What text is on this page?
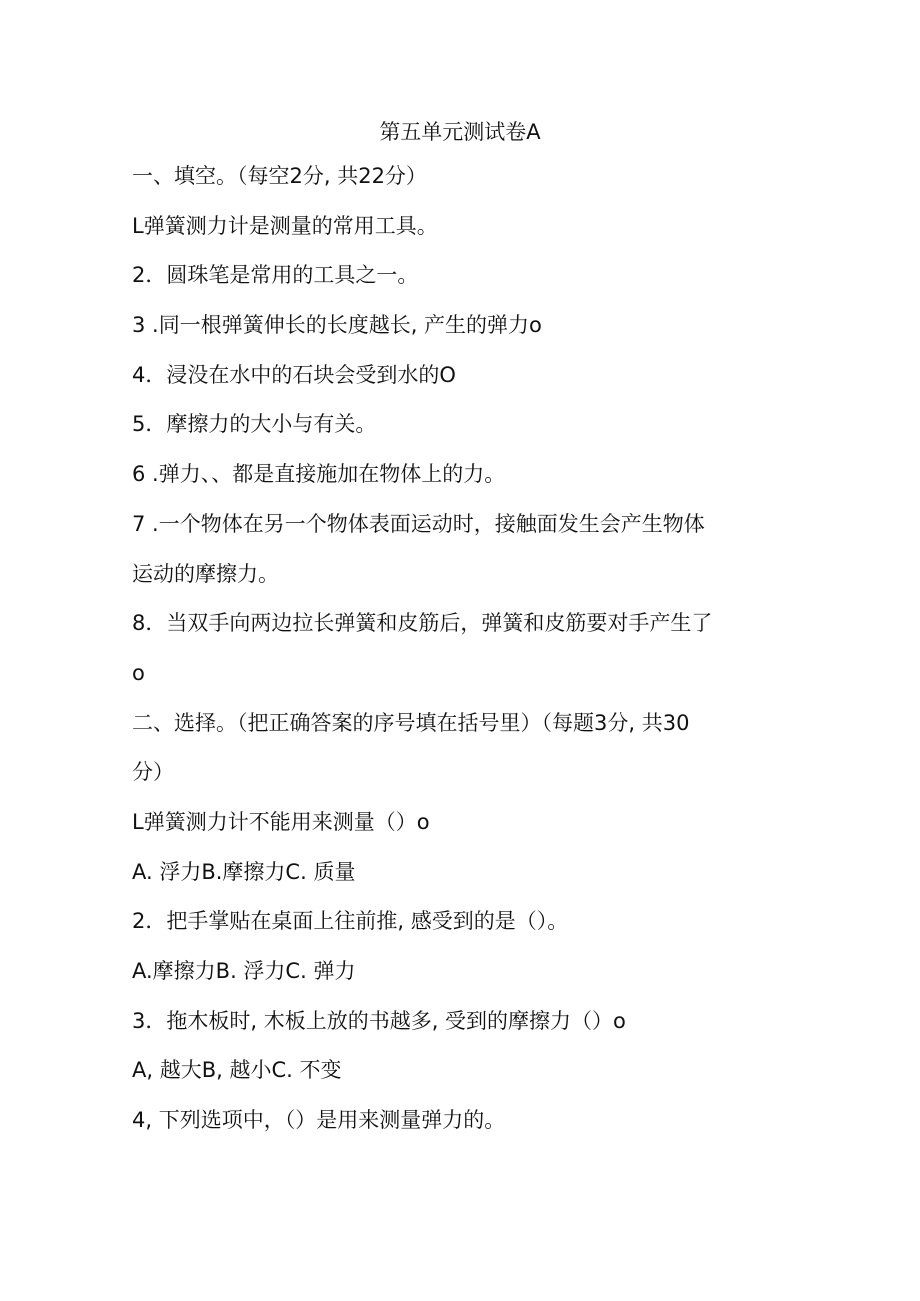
第五单元测试卷A
一、填空。（每空2分, 共22分）
L弹簧测力计是测量的常用工具。
2．圆珠笔是常用的工具之一。
3 .同一根弹簧伸长的长度越长, 产生的弹力o
4．浸没在水中的石块会受到水的O
5．摩擦力的大小与有关。
6 .弹力、、都是直接施加在物体上的力。
7 .一个物体在另一个物体表面运动时，接触面发生会产生物体
运动的摩擦力。
8．当双手向两边拉长弹簧和皮筋后，弹簧和皮筋要对手产生了
o
二、选择。（把正确答案的序号填在括号里）（每题3分, 共30
分）
L弹簧测力计不能用来测量（）o
A. 浮力B.摩擦力C. 质量
2．把手掌贴在桌面上往前推, 感受到的是（）。
A.摩擦力B. 浮力C. 弹力
3．拖木板时, 木板上放的书越多, 受到的摩擦力（）o
A, 越大B, 越小C. 不变
4, 下列选项中，（）是用来测量弹力的。
